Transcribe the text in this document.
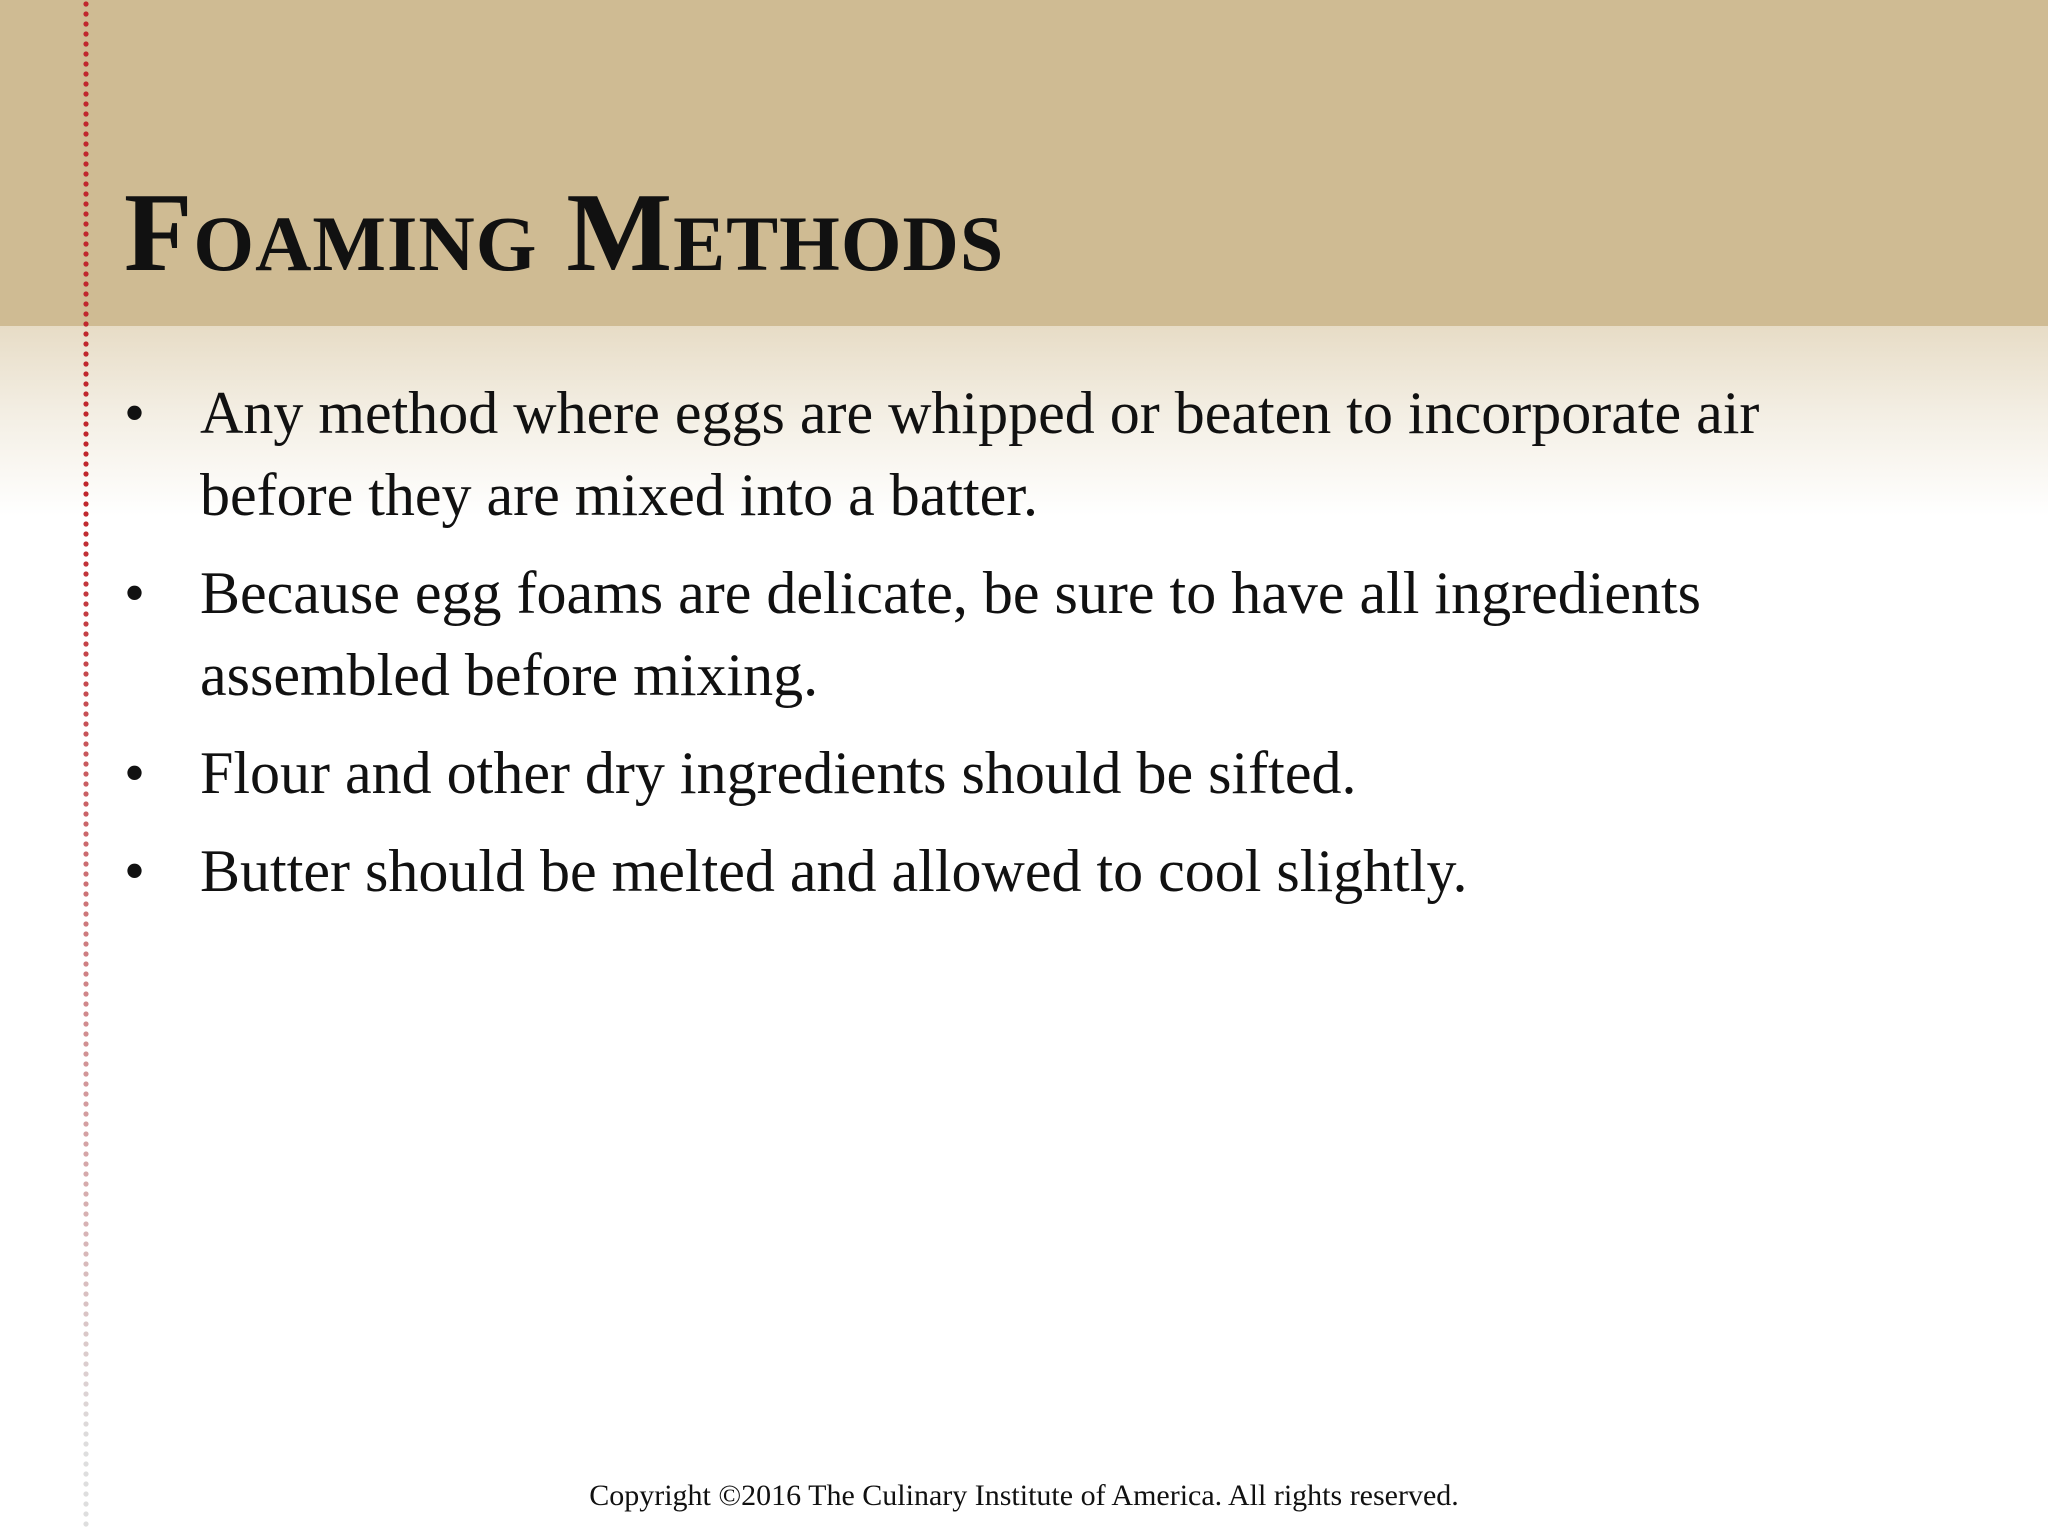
Foaming Methods
• Any method where eggs are whipped or beaten to incorporate air before they are mixed into a batter.
• Because egg foams are delicate, be sure to have all ingredients assembled before mixing.
• Flour and other dry ingredients should be sifted.
• Butter should be melted and allowed to cool slightly.
Copyright ©2016 The Culinary Institute of America. All rights reserved.
